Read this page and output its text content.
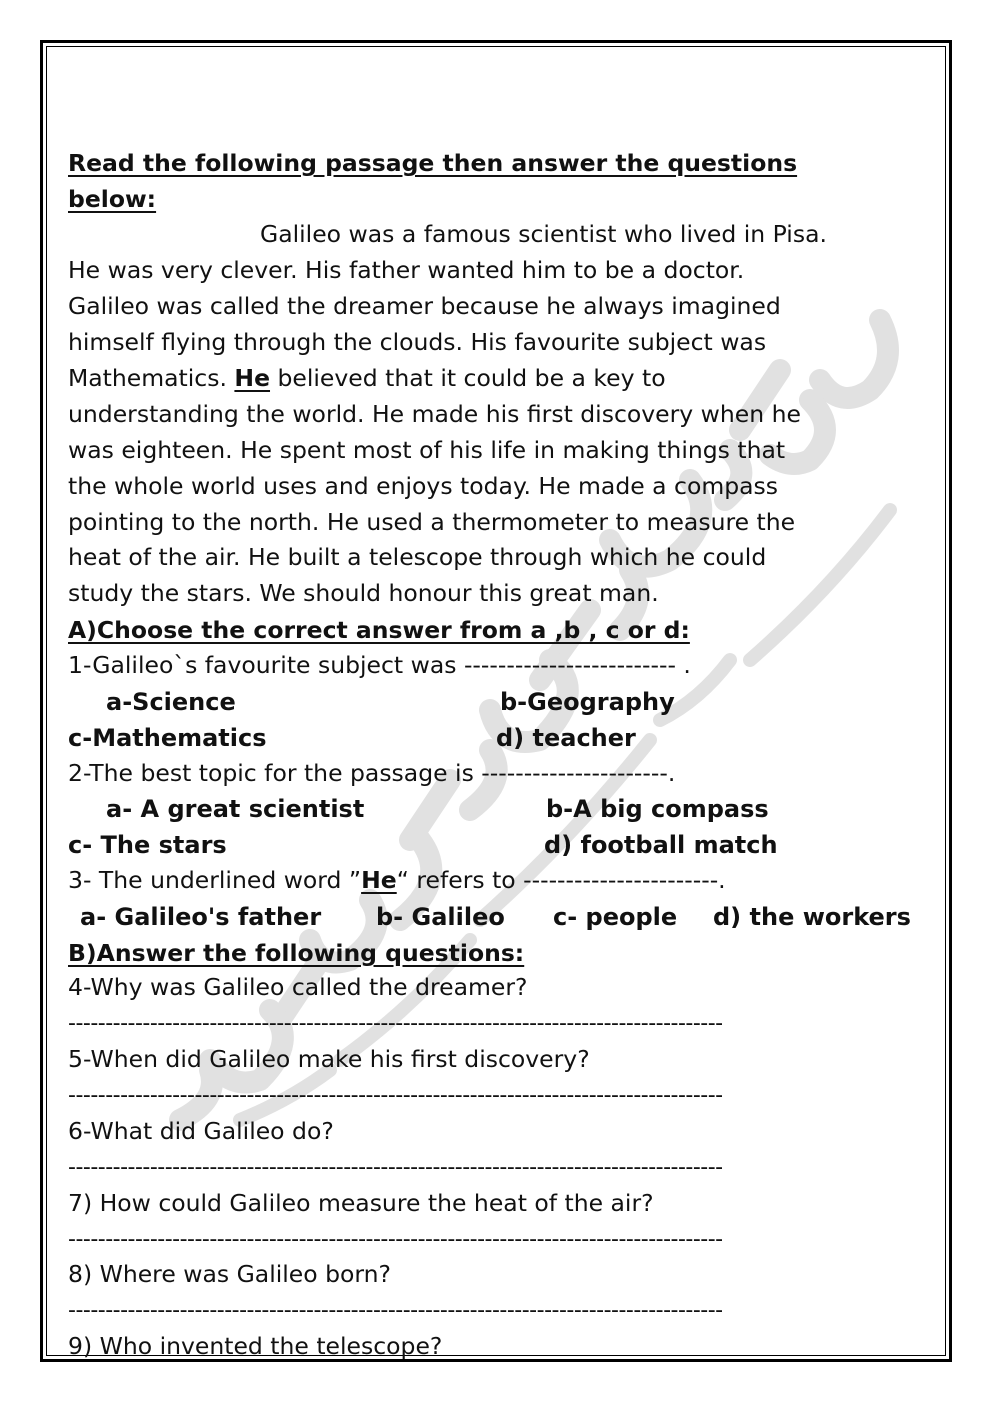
Read the following passage then answer the questions
below:
Galileo was a famous scientist who lived in Pisa.
He was very clever. His father wanted him to be a doctor.
Galileo was called the dreamer because he always imagined
himself flying through the clouds. His favourite subject was
Mathematics. He believed that it could be a key to
understanding the world. He made his first discovery when he
was eighteen. He spent most of his life in making things that
the whole world uses and enjoys today. He made a compass
pointing to the north. He used a thermometer to measure the
heat of the air. He built a telescope through which he could
study the stars. We should honour this great man.
A)Choose the correct answer from a ,b , c or d:
1-Galileo`s favourite subject was ------------------------- .
a-Science	b-Geography
c-Mathematics	d) teacher
2-The best topic for the passage is ----------------------.
a- A great scientist	b-A big compass
c- The stars	d) football match
3- The underlined word ”He“ refers to -----------------------.
a- Galileo's father b- Galileo c- people d) the workers
B)Answer the following questions:
4-Why was Galileo called the dreamer?
----------------------------------------------------------------------------------------
5-When did Galileo make his first discovery?
----------------------------------------------------------------------------------------
6-What did Galileo do?
----------------------------------------------------------------------------------------
7) How could Galileo measure the heat of the air?
----------------------------------------------------------------------------------------
8) Where was Galileo born?
----------------------------------------------------------------------------------------
9) Who invented the telescope?
